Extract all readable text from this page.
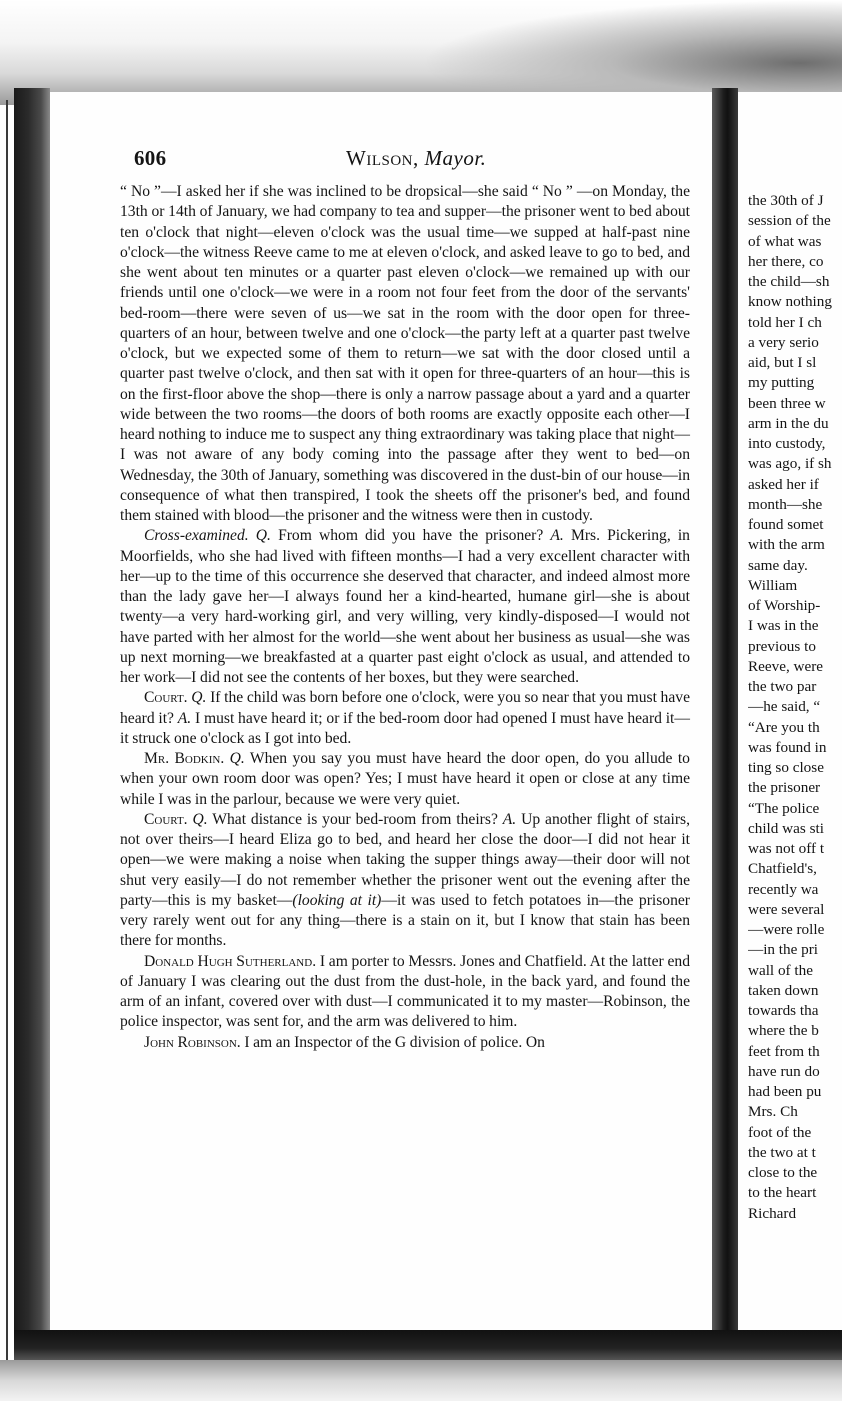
606	Wilson, Mayor.

“ No ”—I asked her if she was inclined to be dropsical—she said “ No ” —on Monday, the 13th or 14th of January, we had company to tea and supper—the prisoner went to bed about ten o'clock that night—eleven o'clock was the usual time—we supped at half-past nine o'clock—the witness Reeve came to me at eleven o'clock, and asked leave to go to bed, and she went about ten minutes or a quarter past eleven o'clock—we remained up with our friends until one o'clock—we were in a room not four feet from the door of the servants' bed-room—there were seven of us—we sat in the room with the door open for three-quarters of an hour, between twelve and one o'clock—the party left at a quarter past twelve o'clock, but we expected some of them to return—we sat with the door closed until a quarter past twelve o'clock, and then sat with it open for three-quarters of an hour—this is on the first-floor above the shop—there is only a narrow passage about a yard and a quarter wide between the two rooms—the doors of both rooms are exactly opposite each other—I heard nothing to induce me to suspect any thing extraordinary was taking place that night—I was not aware of any body coming into the passage after they went to bed—on Wednesday, the 30th of January, something was discovered in the dust-bin of our house—in consequence of what then transpired, I took the sheets off the prisoner's bed, and found them stained with blood—the prisoner and the witness were then in custody.

Cross-examined. Q. From whom did you have the prisoner? A. Mrs. Pickering, in Moorfields, who she had lived with fifteen months—I had a very excellent character with her—up to the time of this occurrence she deserved that character, and indeed almost more than the lady gave her—I always found her a kind-hearted, humane girl—she is about twenty—a very hard-working girl, and very willing, very kindly-disposed—I would not have parted with her almost for the world—she went about her business as usual—she was up next morning—we breakfasted at a quarter past eight o'clock as usual, and attended to her work—I did not see the contents of her boxes, but they were searched.

Court. Q. If the child was born before one o'clock, were you so near that you must have heard it? A. I must have heard it; or if the bed-room door had opened I must have heard it—it struck one o'clock as I got into bed.

Mr. Bodkin. Q. When you say you must have heard the door open, do you allude to when your own room door was open? Yes; I must have heard it open or close at any time while I was in the parlour, because we were very quiet.

Court. Q. What distance is your bed-room from theirs? A. Up another flight of stairs, not over theirs—I heard Eliza go to bed, and heard her close the door—I did not hear it open—we were making a noise when taking the supper things away—their door will not shut very easily—I do not remember whether the prisoner went out the evening after the party—this is my basket—(looking at it)—it was used to fetch potatoes in—the prisoner very rarely went out for any thing—there is a stain on it, but I know that stain has been there for months.

Donald Hugh Sutherland. I am porter to Messrs. Jones and Chatfield. At the latter end of January I was clearing out the dust from the dust-hole, in the back yard, and found the arm of an infant, covered over with dust—I communicated it to my master—Robinson, the police inspector, was sent for, and the arm was delivered to him.

John Robinson. I am an Inspector of the G division of police. On

the 30th of J
session of the
of what was
her there, co
the child—sh
know nothing
told her I ch
a very serio
aid, but I sl
my putting
been three w
arm in the du
into custody,
was ago, if sh
asked her if
month—she
found somet
with the arm
same day.
William
of Worship-
I was in the
previous to
Reeve, were
the two par
—he said, “
“Are you th
was found in
ting so close
the prisoner
“The police
child was sti
was not off t
Chatfield's,
recently wa
were several
—were rolle
—in the pri
wall of the
taken down
towards tha
where the b
feet from th
have run do
had been pu
Mrs. Ch
foot of the
the two at t
close to the
to the heart
Richard
